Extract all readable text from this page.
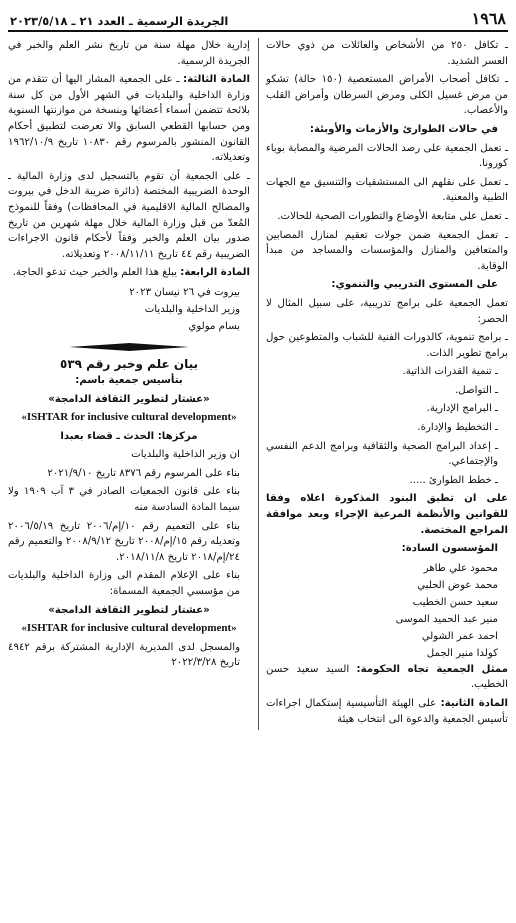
١٩٦٨
الجريدة الرسمية ـ العدد ٢١ ـ ٢٠٢٣/٥/١٨

ـ تكافل ٢٥٠ من الأشخاص والعائلات من ذوي حالات العسر الشديد.

ـ تكافل أصحاب الأمراض المستعصية (١٥٠ حالة) تشكو من مرض غسيل الكلى ومرض السرطان وأمراض القلب والأعصاب.

في حالات الطوارئ والأزمات والأوبئة:

ـ تعمل الجمعية على رصد الحالات المرضية والمصابة بوباء كورونا.

ـ تعمل على نقلهم الى المستشفيات والتنسيق مع الجهات الطبية والمعنية.

ـ تعمل على متابعة الأوضاع والتطورات الصحية للحالات.

ـ تعمل الجمعية ضمن جولات تعقيم لمنازل المصابين والمتعافين والمنازل والمؤسسات والمساجد من مبدأ الوقاية.

على المستوى التدريبي والتنموي:

تعمل الجمعية على برامج تدريبية، على سبيل المثال لا الحصر:

ـ برامج تنموية، كالدورات الفنية للشباب والمتطوعين حول برامج تطوير الذات.

ـ تنمية القدرات الذاتية.

ـ التواصل.

ـ البرامج الإدارية.

ـ التخطيط والإدارة.

ـ إعداد البرامج الصحية والثقافية وبرامج الدعم النفسي والإجتماعي.

ـ خطط الطوارئ .....

على ان تطبق البنود المذكورة اعلاه وفقا للقوانين والأنظمة المرعية الإجراء وبعد موافقة المراجع المختصة.

المؤسسون السادة:

محمود علي طاهر
محمد عوض الحلبي
سعيد حسن الخطيب
منير عبد الحميد الموسى
احمد عمر الشولي
كولدا منير الجمل

ممثل الجمعية تجاه الحكومة: السيد سعيد حسن الخطيب.

المادة الثانية: على الهيئة التأسيسية إستكمال اجراءات تأسيس الجمعية والدعوة الى انتخاب هيئة

إدارية خلال مهلة سنة من تاريخ نشر العلم والخبر في الجريدة الرسمية.

المادة الثالثة: ـ على الجمعية المشار اليها أن تتقدم من وزارة الداخلية والبلديات في الشهر الأول من كل سنة بلائحة تتضمن أسماء أعضائها وبنسخة من موازنتها السنوية ومن حسابها القطعي السابق والا تعرضت لتطبيق أحكام القانون المنشور بالمرسوم رقم ١٠٨٣٠ تاريخ ١٩٦٢/١٠/٩ وتعديلاته.

ـ على الجمعية أن تقوم بالتسجيل لدى وزارة المالية ـ الوحدة الضريبية المختصة (دائرة ضريبة الدخل في بيروت والمصالح المالية الاقليمية في المحافظات) وفقاً للنموذج المُعدّ من قبل وزارة المالية خلال مهلة شهرين من تاريخ صدور بيان العلم والخبر وفقاً لأحكام قانون الاجراءات الضريبية رقم ٤٤ تاريخ ٢٠٠٨/١١/١١ وتعديلاته.

المادة الرابعة: يبلغ هذا العلم والخبر حيث تدعو الحاجة.

بيروت في ٢٦ نيسان ٢٠٢٣
وزير الداخلية والبلديات
بسام مولوي
بيان علم وخبر رقم ٥٣٩

بتأسيس جمعية باسم:

«عشتار لتطوير الثقافة الدامجة»

«ISHTAR for inclusive cultural development»

مركزها: الحدث ـ قضاء بعبدا

ان وزير الداخلية والبلديات

بناء على المرسوم رقم ٨٣٧٦ تاريخ ٢٠٢١/٩/١٠

بناء على قانون الجمعيات الصادر في ٣ آب ١٩٠٩ ولا سيما المادة السادسة منه

بناء على التعميم رقم ١٠/إم/٢٠٠٦ تاريخ ٢٠٠٦/٥/١٩ وتعديله رقم ١٥/إم/٢٠٠٨ تاريخ ٢٠٠٨/٩/١٢ والتعميم رقم ٢٤/إم/٢٠١٨ تاريخ ٢٠١٨/١١/٨.

بناء على الإعلام المقدم الى وزارة الداخلية والبلديات من مؤسسي الجمعية المسماة:

«عشتار لتطوير الثقافة الدامجة»

«ISHTAR for inclusive cultural development»

والمسجل لدى المديرية الإدارية المشتركة برقم ٤٩٤٢ تاريخ ٢٠٢٢/٣/٢٨
